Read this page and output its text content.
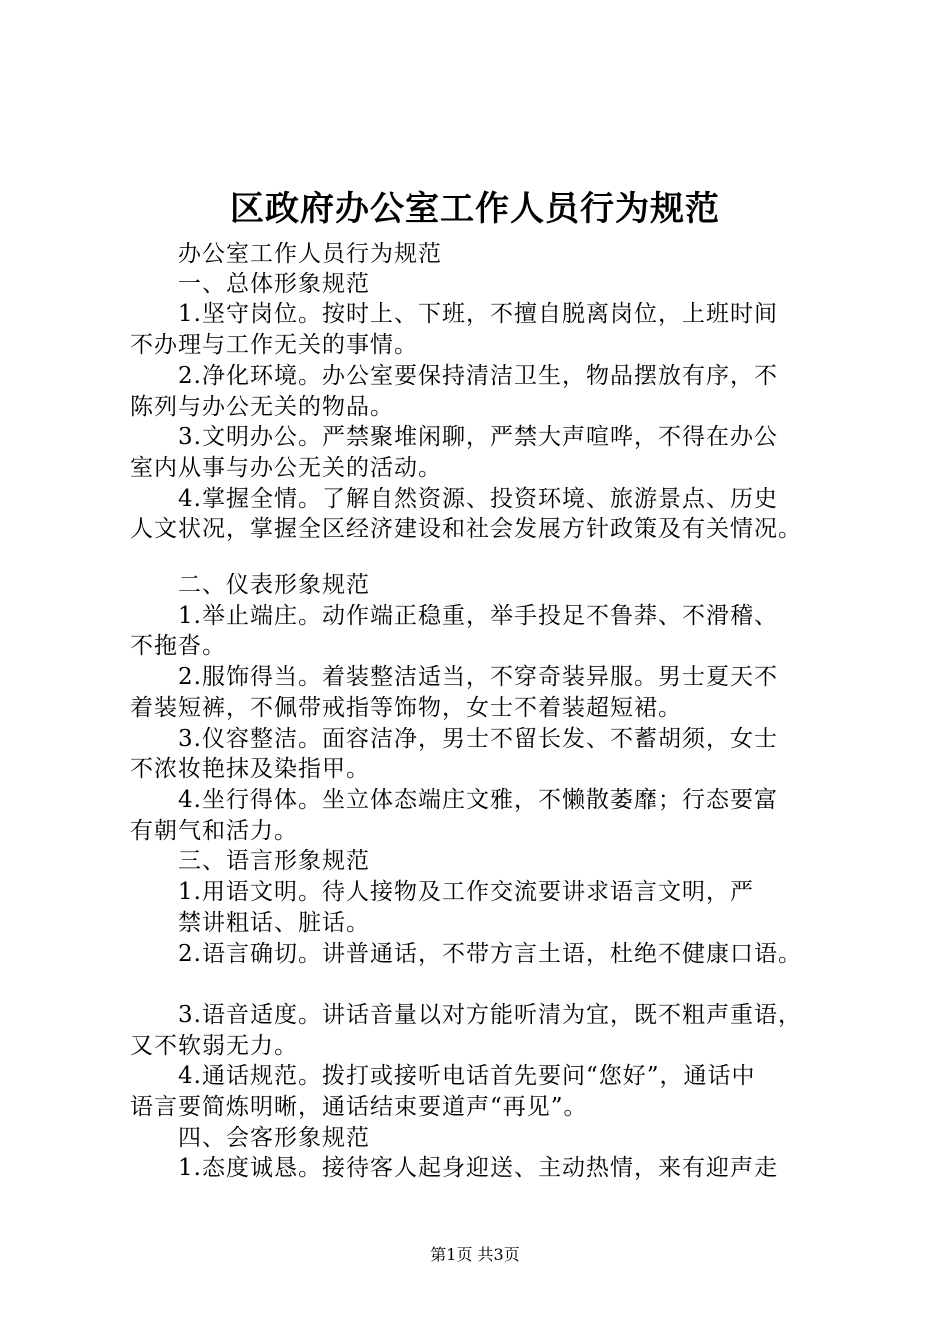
区政府办公室工作人员行为规范
办公室工作人员行为规范
一、总体形象规范
1.坚守岗位。按时上、下班，不擅自脱离岗位，上班时间
不办理与工作无关的事情。
2.净化环境。办公室要保持清洁卫生，物品摆放有序，不
陈列与办公无关的物品。
3.文明办公。严禁聚堆闲聊，严禁大声喧哗，不得在办公
室内从事与办公无关的活动。
4.掌握全情。了解自然资源、投资环境、旅游景点、历史
人文状况，掌握全区经济建设和社会发展方针政策及有关情况。
二、仪表形象规范
1.举止端庄。动作端正稳重，举手投足不鲁莽、不滑稽、
不拖沓。
2.服饰得当。着装整洁适当，不穿奇装异服。男士夏天不
着装短裤，不佩带戒指等饰物，女士不着装超短裙。
3.仪容整洁。面容洁净，男士不留长发、不蓄胡须，女士
不浓妆艳抹及染指甲。
4.坐行得体。坐立体态端庄文雅，不懒散萎靡；行态要富
有朝气和活力。
三、语言形象规范
1.用语文明。待人接物及工作交流要讲求语言文明，严
禁讲粗话、脏话。
2.语言确切。讲普通话，不带方言土语，杜绝不健康口语。
3.语音适度。讲话音量以对方能听清为宜，既不粗声重语，
又不软弱无力。
4.通话规范。拨打或接听电话首先要问“您好”，通话中
语言要简炼明晰，通话结束要道声“再见”。
四、会客形象规范
1.态度诚恳。接待客人起身迎送、主动热情，来有迎声走
第1页 共3页
